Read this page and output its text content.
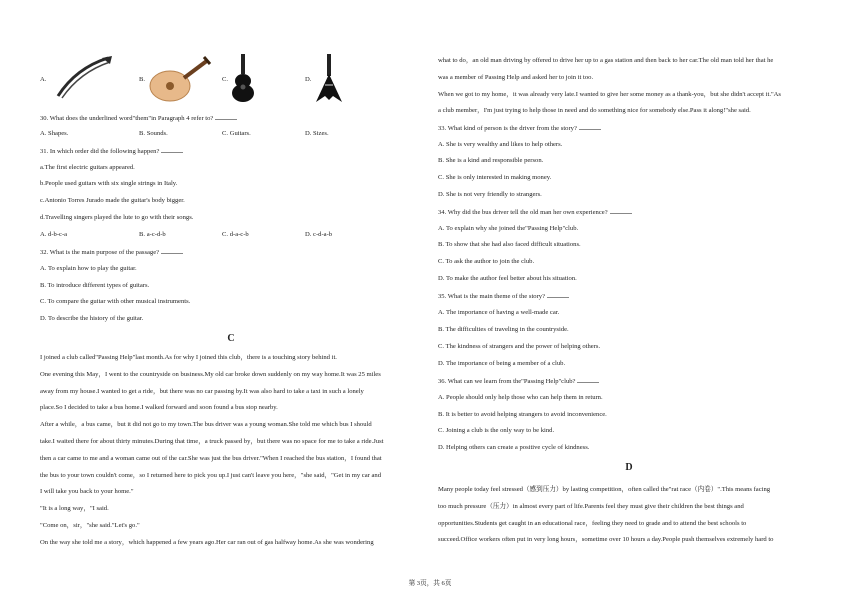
A.	B.	C.	D.
30. What does the underlined word"them"in Paragraph 4 refer to?
A. Shapes.	B. Sounds.	C. Guitars.	D. Sizes.
31. In which order did the following happen?
a.The first electric guitars appeared.
b.People used guitars with six single strings in Italy.
c.Antonio Torres Jurado made the guitar's body bigger.
d.Travelling singers played the lute to go with their songs.
A. d-b-c-a	B. a-c-d-b	C. d-a-c-b	D. c-d-a-b
32. What is the main purpose of the passage?
A. To explain how to play the guitar.
B. To introduce different types of guitars.
C. To compare the guitar with other musical instruments.
D. To describe the history of the guitar.
C
I joined a club called"Passing Help"last month.As for why I joined this club，there is a touching story behind it.
One evening this May，I went to the countryside on business.My old car broke down suddenly on my way home.It was 25 miles
away from my house.I wanted to get a ride，but there was no car passing by.It was also hard to take a taxi in such a lonely
place.So I decided to take a bus home.I walked forward and soon found a bus stop nearby.
After a while，a bus came，but it did not go to my town.The bus driver was a young woman.She told me which bus I should
take.I waited there for about thirty minutes.During that time，a truck passed by，but there was no space for me to take a ride.Just
then a car came to me and a woman came out of the car.She was just the bus driver."When I reached the bus station，I found that
the bus to your town couldn't come，so I returned here to pick you up.I just can't leave you here，"she said，"Get in my car and
I will take you back to your home."
"It is a long way，"I said.
"Come on，sir，"she said."Let's go."
On the way she told me a story，which happened a few years ago.Her car ran out of gas halfway home.As she was wondering
what to do，an old man driving by offered to drive her up to a gas station and then back to her car.The old man told her that he
was a member of Passing Help and asked her to join it too.
When we got to my home，it was already very late.I wanted to give her some money as a thank-you，but she didn't accept it."As
a club member，I'm just trying to help those in need and do something nice for somebody else.Pass it along!"she said.
33. What kind of person is the driver from the story?
A. She is very wealthy and likes to help others.
B. She is a kind and responsible person.
C. She is only interested in making money.
D. She is not very friendly to strangers.
34. Why did the bus driver tell the old man her own experience?
A. To explain why she joined the"Passing Help"club.
B. To show that she had also faced difficult situations.
C. To ask the author to join the club.
D. To make the author feel better about his situation.
35. What is the main theme of the story?
A. The importance of having a well-made car.
B. The difficulties of traveling in the countryside.
C. The kindness of strangers and the power of helping others.
D. The importance of being a member of a club.
36. What can we learn from the"Passing Help"club?
A. People should only help those who can help them in return.
B. It is better to avoid helping strangers to avoid inconvenience.
C. Joining a club is the only way to be kind.
D. Helping others can create a positive cycle of kindness.
D
Many people today feel stressed（感到压力）by lasting competition，often called the"rat race（内卷）".This means facing
too much pressure（压力）in almost every part of life.Parents feel they must give their children the best things and
opportunities.Students get caught in an educational race，feeling they need to grade and to attend the best schools to
succeed.Office workers often put in very long hours，sometime over 10 hours a day.People push themselves extremely hard to
第 3页，共 6页
